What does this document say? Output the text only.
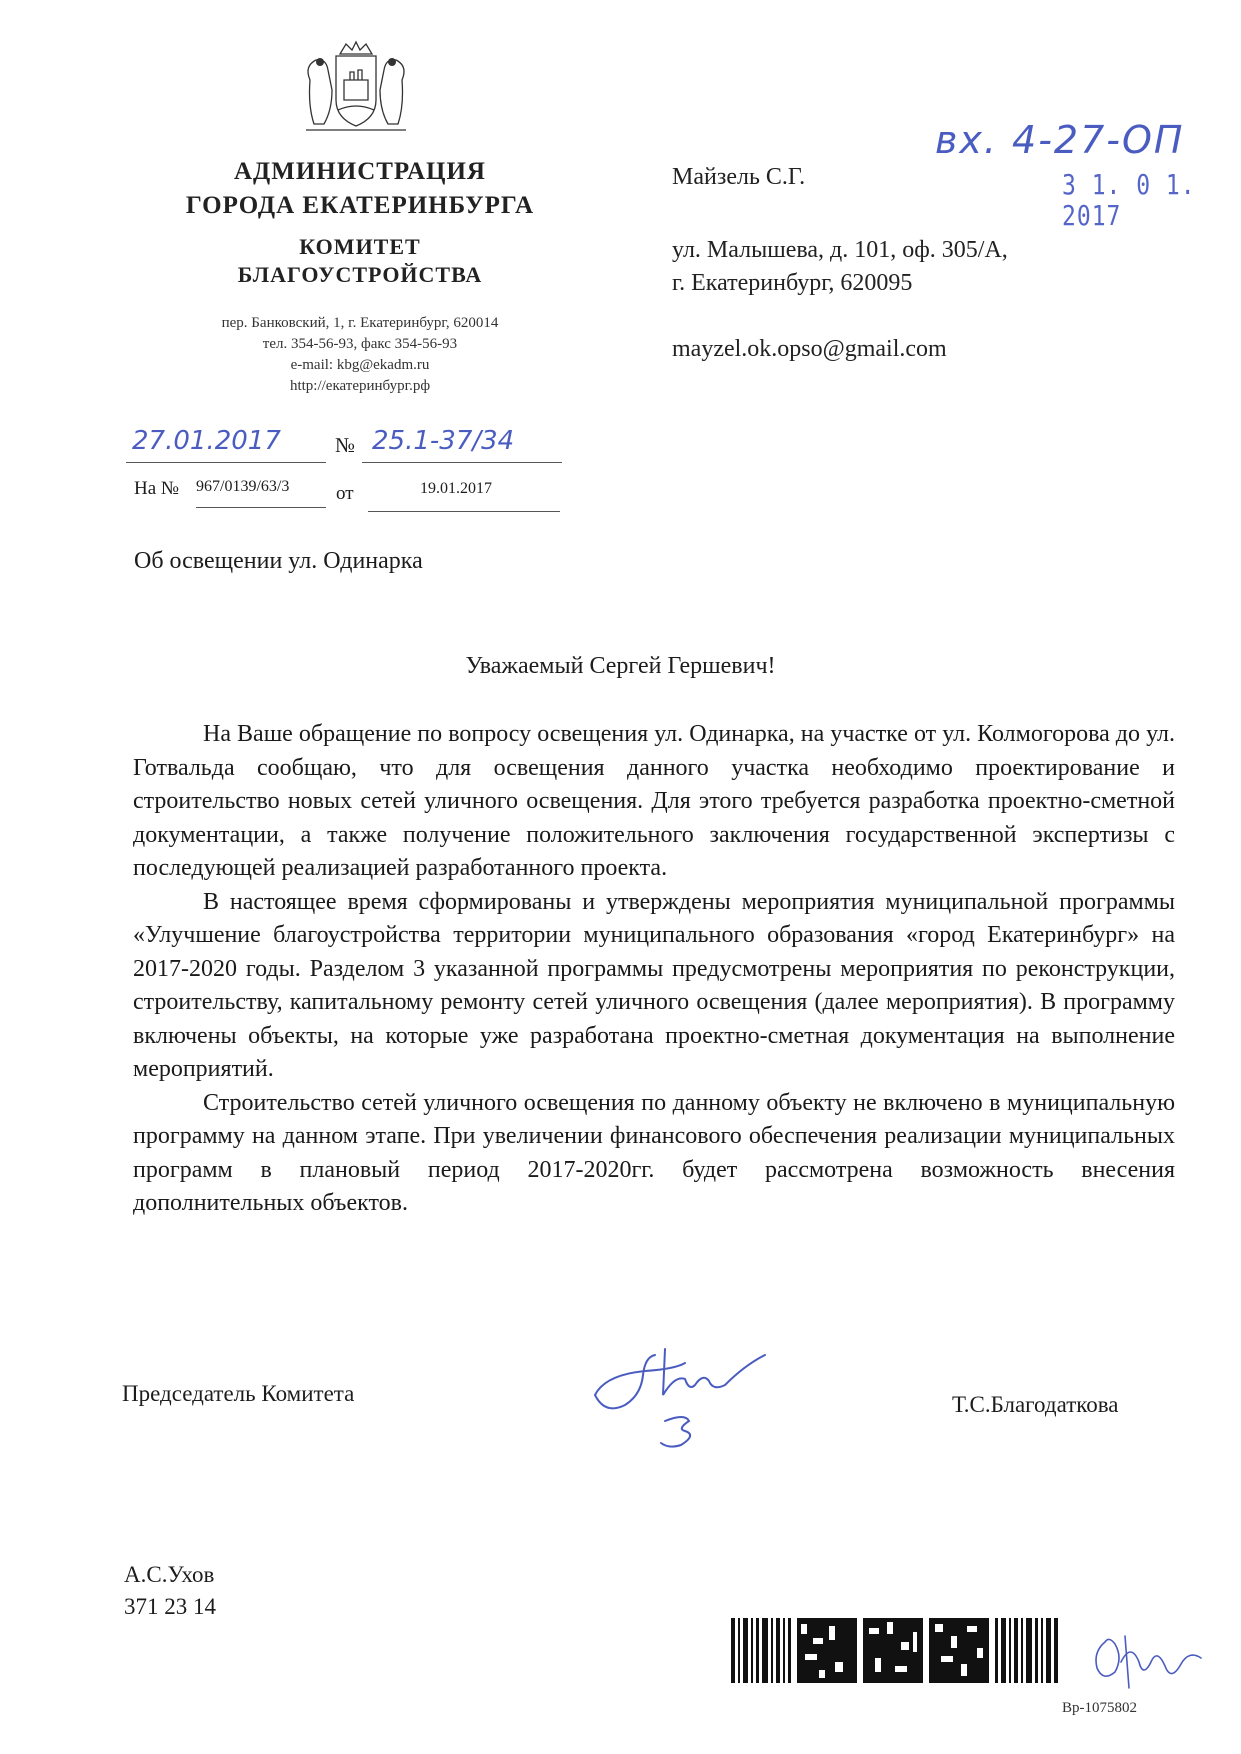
АДМИНИСТРАЦИЯ
ГОРОДА ЕКАТЕРИНБУРГА
КОМИТЕТ
БЛАГОУСТРОЙСТВА
пер. Банковский, 1, г. Екатеринбург, 620014
тел. 354-56-93, факс 354-56-93
e-mail: kbg@ekadm.ru
http://екатеринбург.рф
27.01.2017	№ 25.1-37/34
На № 967/0139/63/3 от	19.01.2017
вх. 4-27-ОП
3 1. 0 1. 2017
Майзель С.Г.
ул. Малышева, д. 101, оф. 305/А,
г. Екатеринбург, 620095
mayzel.ok.opso@gmail.com
Об освещении ул. Одинарка
Уважаемый Сергей Гершевич!

На Ваше обращение по вопросу освещения ул. Одинарка, на участке от ул. Колмогорова до ул. Готвальда сообщаю, что для освещения данного участка необходимо проектирование и строительство новых сетей уличного освещения. Для этого требуется разработка проектно-сметной документации, а также получение положительного заключения государственной экспертизы с последующей реализацией разработанного проекта.

В настоящее время сформированы и утверждены мероприятия муниципальной программы «Улучшение благоустройства территории муниципального образования «город Екатеринбург» на 2017-2020 годы. Разделом 3 указанной программы предусмотрены мероприятия по реконструкции, строительству, капитальному ремонту сетей уличного освещения (далее мероприятия). В программу включены объекты, на которые уже разработана проектно-сметная документация на выполнение мероприятий.

Строительство сетей уличного освещения по данному объекту не включено в муниципальную программу на данном этапе. При увеличении финансового обеспечения реализации муниципальных программ в плановый период 2017-2020гг. будет рассмотрена возможность внесения дополнительных объектов.

Председатель Комитета	Т.С.Благодаткова
А.С.Ухов
371 23 14
Вр-1075802
